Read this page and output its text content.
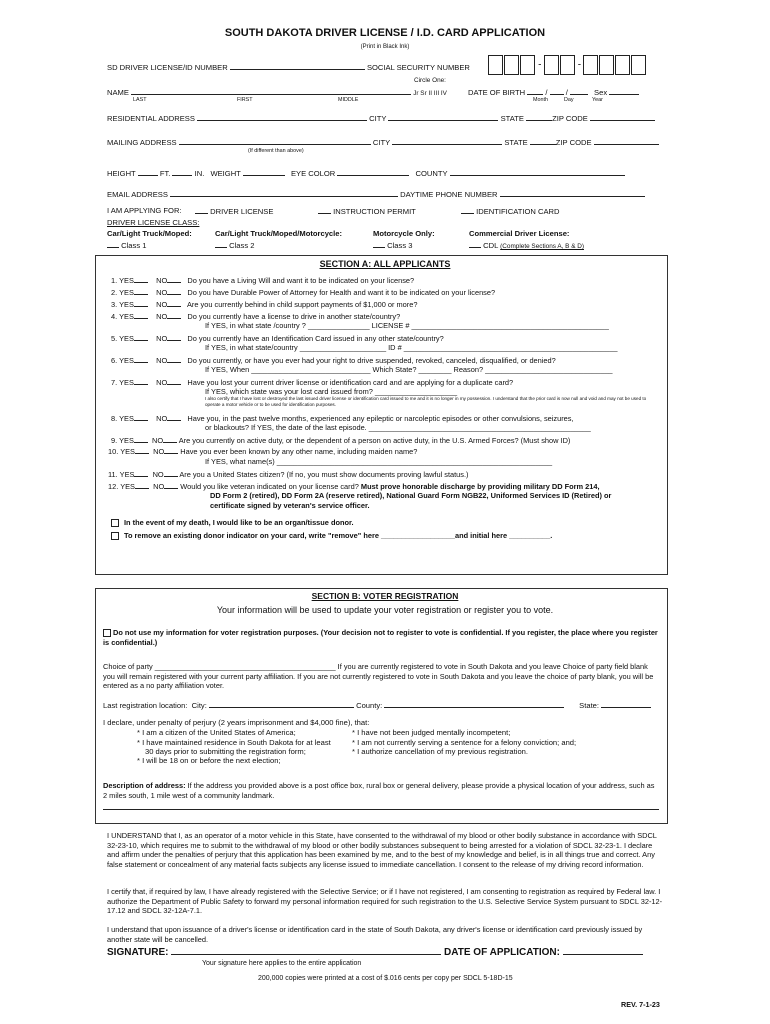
SOUTH DAKOTA DRIVER LICENSE / I.D. CARD APPLICATION
(Print in Black Ink)
SD DRIVER LICENSE/ID NUMBER	SOCIAL SECURITY NUMBER	-	-
Circle One:
NAME	Jr Sr II III IV	DATE OF BIRTH  /  /	Sex
LAST	FIRST	MIDDLE	Month	Day	Year
RESIDENTIAL ADDRESS	CITY	STATE	ZIP CODE
MAILING ADDRESS	CITY	STATE	ZIP CODE
(If different than above)
HEIGHT	FT.	IN. WEIGHT	EYE COLOR	COUNTY
EMAIL ADDRESS	DAYTIME PHONE NUMBER
I AM APPLYING FOR:	DRIVER LICENSE	INSTRUCTION PERMIT	IDENTIFICATION CARD
DRIVER LICENSE CLASS:
Car/Light Truck/Moped:	Car/Light Truck/Moped/Motorcycle:	Motorcycle Only:	Commercial Driver License:
Class 1	Class 2	Class 3	CDL (Complete Sections A, B & D)
SECTION A: ALL APPLICANTS
1. YES	NO	Do you have a Living Will and want it to be indicated on your license?
2. YES	NO	Do you have Durable Power of Attorney for Health and want it to be indicated on your license?
3. YES	NO	Are you currently behind in child support payments of $1,000 or more?
4. YES	NO	Do you currently have a license to drive in another state/country?
If YES, in what state /country ? _______________ LICENSE # ________________________________________________
5. YES	NO	Do you currently have an Identification Card issued in any other state/country?
If YES, in what state/country _____________________ ID # ____________________________________________________
6. YES	NO	Do you currently, or have you ever had your right to drive suspended, revoked, canceled, disqualified, or denied?
If YES, When _____________________________ Which State? ________ Reason? _______________________________
7. YES	NO	Have you lost your current driver license or identification card and are applying for a duplicate card?
If YES, which state was your lost card issued from? ____________________
I also certify that I have lost or destroyed the last issued driver license or identification card issued to me and it is no longer in my possession. I understand that the prior card is now null and void and may not be used to operate a motor vehicle or to be used for identification purposes.
8. YES	NO	Have you, in the past twelve months, experienced any epileptic or narcoleptic episodes or other convulsions, seizures,
or blackouts? If YES, the date of the last episode. ______________________________________________________
9. YES NO Are you currently on active duty, or the dependent of a person on active duty, in the U.S. Armed Forces? (Must show ID)
10. YES NO Have you ever been known by any other name, including maiden name?
If YES, what name(s) ___________________________________________________________________
11. YES NO Are you a United States citizen? (If no, you must show documents proving lawful status.)
12. YES NO Would you like veteran indicated on your license card? Must prove honorable discharge by providing military DD Form 214,
DD Form 2 (retired), DD Form 2A (reserve retired), National Guard Form NGB22, Uniformed Services ID (Retired) or
certificate signed by veteran's service officer.
In the event of my death, I would like to be an organ/tissue donor.
To remove an existing donor indicator on your card, write "remove" here __________________and initial here __________.
SECTION B: VOTER REGISTRATION
Your information will be used to update your voter registration or register you to vote.
Do not use my information for voter registration purposes. (Your decision not to register to vote is confidential. If you register, the place where you register is confidential.)
Choice of party ____________________________________________ If you are currently registered to vote in South Dakota and you leave Choice of party field blank you will remain registered with your current party affiliation. If you are not currently registered to vote in South Dakota and you leave the choice of party blank, you will be entered as a no party affiliation voter.
Last registration location: City:	County:	State:
I declare, under penalty of perjury (2 years imprisonment and $4,000 fine), that:
* I am a citizen of the United States of America;
* I have maintained residence in South Dakota for at least
30 days prior to submitting the registration form;
* I will be 18 on or before the next election;
* I have not been judged mentally incompetent;
* I am not currently serving a sentence for a felony conviction; and;
* I authorize cancellation of my previous registration.
Description of address: If the address you provided above is a post office box, rural box or general delivery, please provide a physical location of your address, such as 2 miles south, 1 mile west of a community landmark.
I UNDERSTAND that I, as an operator of a motor vehicle in this State, have consented to the withdrawal of my blood or other bodily substance in accordance with SDCL 32-23-10, which requires me to submit to the withdrawal of my blood or other bodily substances subsequent to being arrested for a violation of SDCL 32-23-1. I declare and affirm under the penalties of perjury that this application has been examined by me, and to the best of my knowledge and belief, is in all things true and correct. Any false statement or concealment of any material facts subjects any license issued to immediate cancellation. I consent to the release of my driving record information.
I certify that, if required by law, I have already registered with the Selective Service; or if I have not registered, I am consenting to registration as required by Federal law. I authorize the Department of Public Safety to forward my personal information required for such registration to the U.S. Selective Service System pursuant to SDCL 32-12-17.12 and SDCL 32-12A-7.1.
I understand that upon issuance of a driver's license or identification card in the state of South Dakota, any driver's license or identification card previously issued by another state will be cancelled.
SIGNATURE:	DATE OF APPLICATION:
Your signature here applies to the entire application
200,000 copies were printed at a cost of $.016 cents per copy per SDCL 5-18D-15
REV. 7-1-23
